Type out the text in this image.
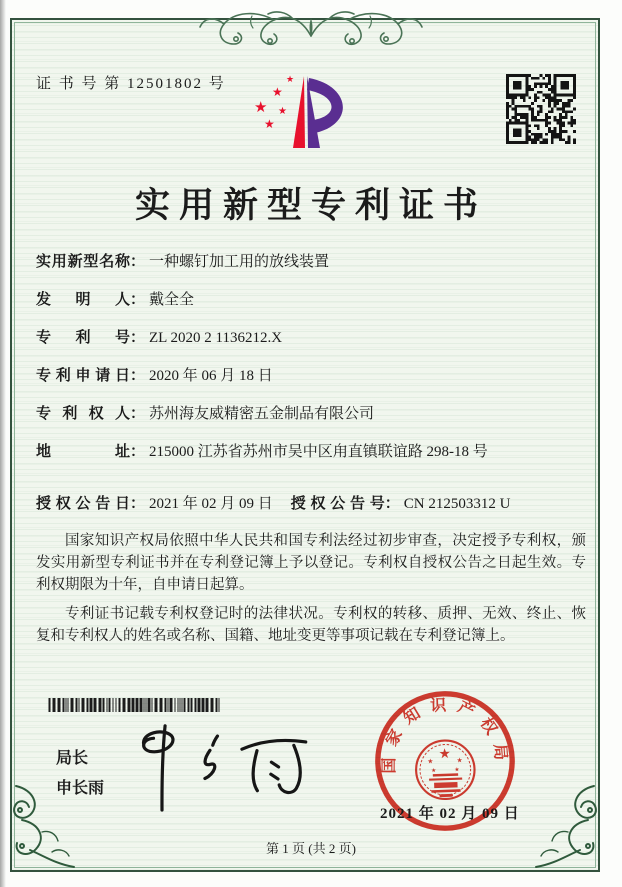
证 书 号 第 12501802 号	★
★
★ ★
★
实用新型专利证书
实用新型名称： 一种螺钉加工用的放线装置
发明人： 戴全全
专利号： ZL 2020 2 1136212.X
专利申请日： 2020 年 06 月 18 日
专利权人： 苏州海友威精密五金制品有限公司
地址： 215000 江苏省苏州市吴中区甪直镇联谊路 298-18 号
授权公告日： 2021 年 02 月 09 日 授权公告号： CN 212503312 U

国家知识产权局依照中华人民共和国专利法经过初步审查，决定授予专利权，颁发实用新型专利证书并在专利登记簿上予以登记。专利权自授权公告之日起生效。专利权期限为十年，自申请日起算。

专利证书记载专利权登记时的法律状况。专利权的转移、质押、无效、终止、恢复和专利权人的姓名或名称、国籍、地址变更等事项记载在专利登记簿上。

局长
申长雨
国家知识产权局
★
★	★
★	★
2021 年 02 月 09 日
第 1 页 (共 2 页)
